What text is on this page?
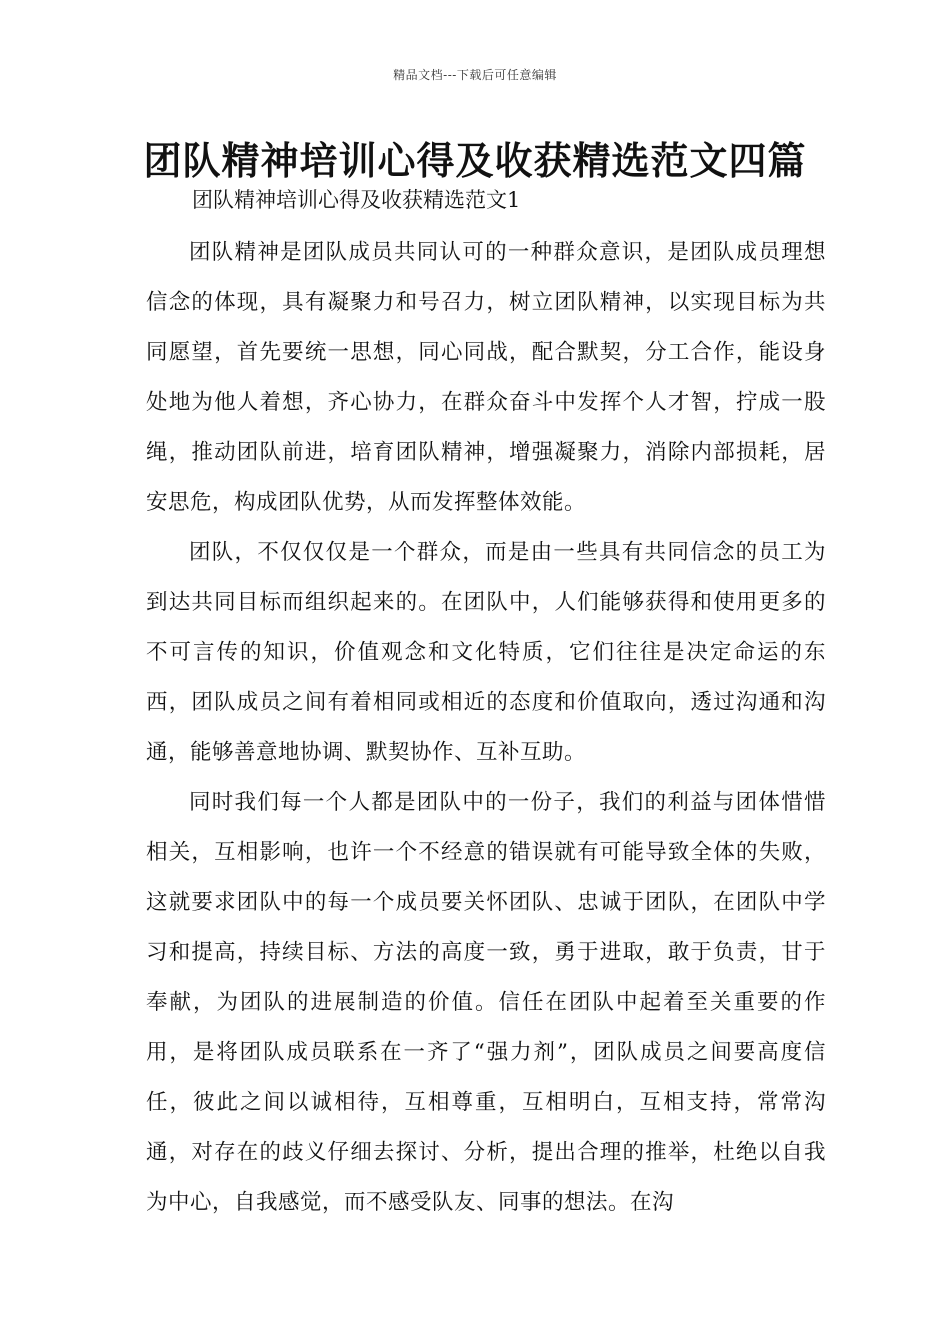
精品文档---下载后可任意编辑
团队精神培训心得及收获精选范文四篇

团队精神培训心得及收获精选范文1

团队精神是团队成员共同认可的一种群众意识，是团队成员理想信念的体现，具有凝聚力和号召力，树立团队精神，以实现目标为共同愿望，首先要统一思想，同心同战，配合默契，分工合作，能设身处地为他人着想，齐心协力，在群众奋斗中发挥个人才智，拧成一股绳，推动团队前进，培育团队精神，增强凝聚力，消除内部损耗，居安思危，构成团队优势，从而发挥整体效能。

团队，不仅仅仅是一个群众，而是由一些具有共同信念的员工为到达共同目标而组织起来的。在团队中，人们能够获得和使用更多的不可言传的知识，价值观念和文化特质，它们往往是决定命运的东西，团队成员之间有着相同或相近的态度和价值取向，透过沟通和沟通，能够善意地协调、默契协作、互补互助。

同时我们每一个人都是团队中的一份子，我们的利益与团体惜惜相关，互相影响，也许一个不经意的错误就有可能导致全体的失败，这就要求团队中的每一个成员要关怀团队、忠诚于团队，在团队中学习和提高，持续目标、方法的高度一致，勇于进取，敢于负责，甘于奉献，为团队的进展制造的价值。信任在团队中起着至关重要的作用，是将团队成员联系在一齐了“强力剂”，团队成员之间要高度信任，彼此之间以诚相待，互相尊重，互相明白，互相支持，常常沟通，对存在的歧义仔细去探讨、分析，提出合理的推举，杜绝以自我为中心，自我感觉，而不感受队友、同事的想法。在沟
